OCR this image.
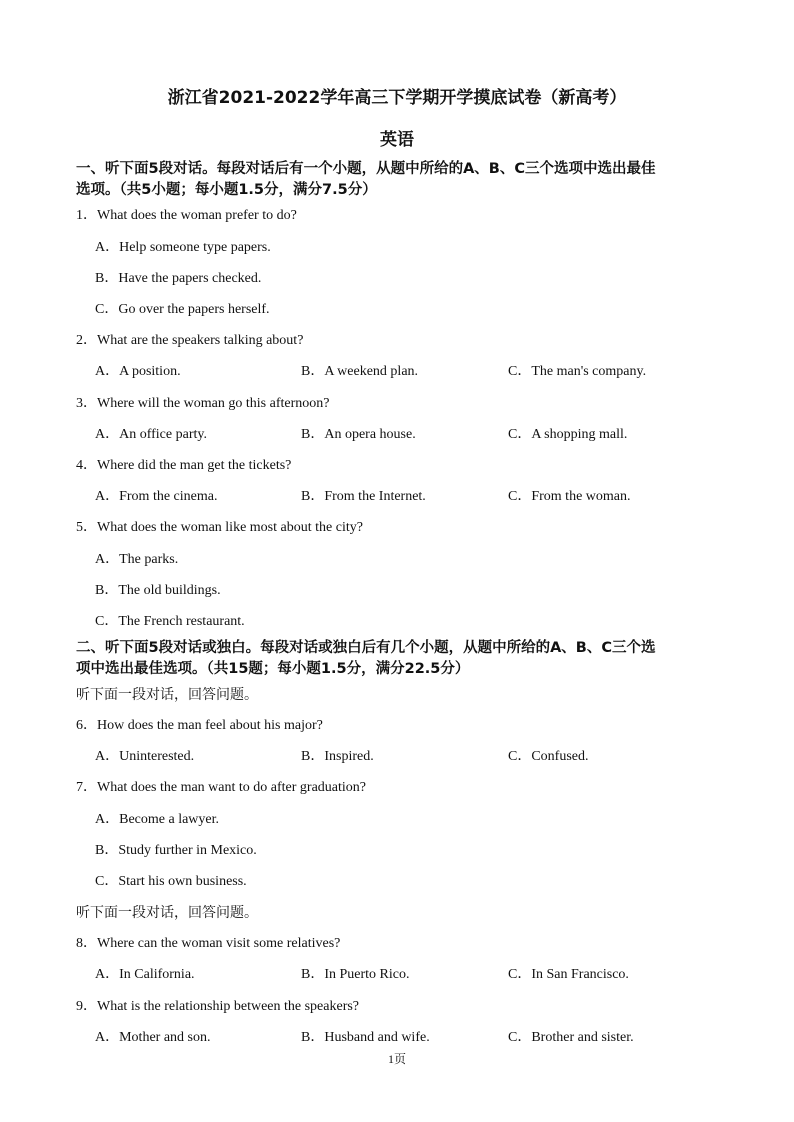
浙江省2021-2022学年高三下学期开学摸底试卷（新高考）
英语
一、听下面5段对话。每段对话后有一个小题，从题中所给的A、B、C三个选项中选出最佳
选项。（共5小题；每小题1.5分，满分7.5分）
1．What does the woman prefer to do?
A．Help someone type papers.
B．Have the papers checked.
C．Go over the papers herself.
2．What are the speakers talking about?
A．A position.	B．A weekend plan.	C．The man's company.
3．Where will the woman go this afternoon?
A．An office party.	B．An opera house.	C．A shopping mall.
4．Where did the man get the tickets?
A．From the cinema.	B．From the Internet.	C．From the woman.
5．What does the woman like most about the city?
A．The parks.
B．The old buildings.
C．The French restaurant.
二、听下面5段对话或独白。每段对话或独白后有几个小题，从题中所给的A、B、C三个选
项中选出最佳选项。（共15题；每小题1.5分，满分22.5分）
听下面一段对话，回答问题。
6．How does the man feel about his major?
A．Uninterested.	B．Inspired.	C．Confused.
7．What does the man want to do after graduation?
A．Become a lawyer.
B．Study further in Mexico.
C．Start his own business.
听下面一段对话，回答问题。
8．Where can the woman visit some relatives?
A．In California.	B．In Puerto Rico.	C．In San Francisco.
9．What is the relationship between the speakers?
A．Mother and son.	B．Husband and wife.	C．Brother and sister.
1页
